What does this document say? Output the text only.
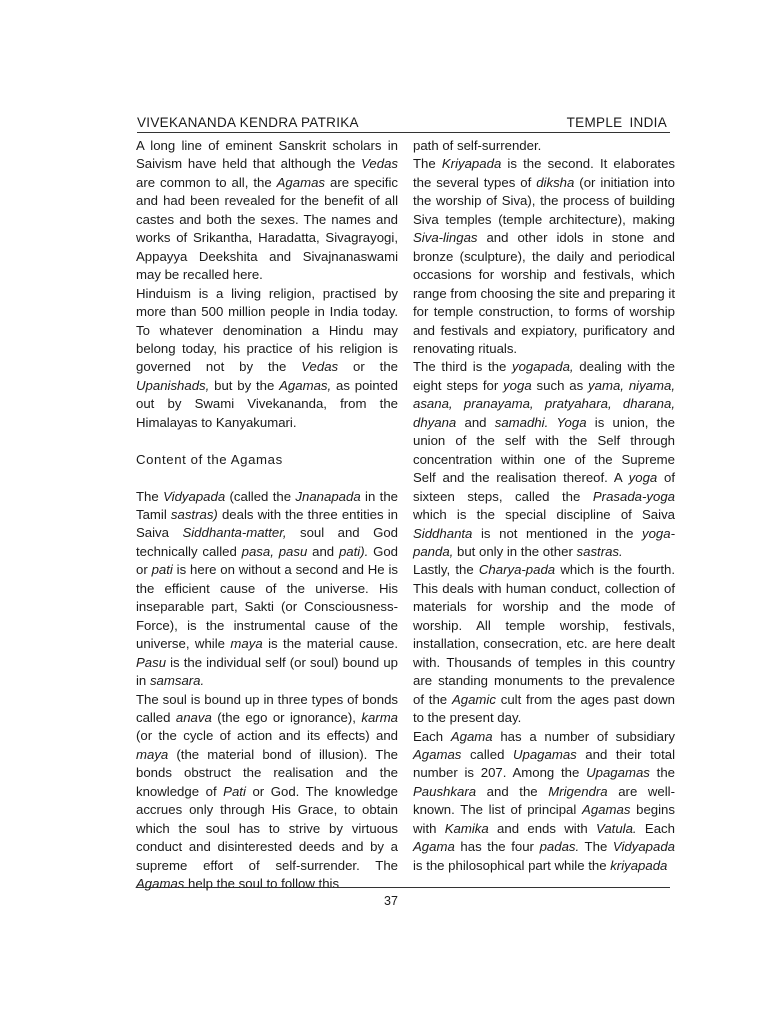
VIVEKANANDA KENDRA PATRIKA	TEMPLE INDIA

A long line of eminent Sanskrit scholars in Saivism have held that although the Vedas are common to all, the Agamas are specific and had been revealed for the benefit of all castes and both the sexes. The names and works of Srikantha, Haradatta, Sivagrayogi, Appayya Deekshita and Sivajnanaswami may be recalled here.

Hinduism is a living religion, practised by more than 500 million people in India today. To whatever denomination a Hindu may belong today, his practice of his religion is governed not by the Vedas or the Upanishads, but by the Agamas, as pointed out by Swami Vivekananda, from the Himalayas to Kanyakumari.

Content of the Agamas

The Vidyapada (called the Jnanapada in the Tamil sastras) deals with the three entities in Saiva Siddhanta-matter, soul and God technically called pasa, pasu and pati). God or pati is here on without a second and He is the efficient cause of the universe. His inseparable part, Sakti (or Consciousness-Force), is the instrumental cause of the universe, while maya is the material cause. Pasu is the individual self (or soul) bound up in samsara.

The soul is bound up in three types of bonds called anava (the ego or ignorance), karma (or the cycle of action and its effects) and maya (the material bond of illusion). The bonds obstruct the realisation and the knowledge of Pati or God. The knowledge accrues only through His Grace, to obtain which the soul has to strive by virtuous conduct and disinterested deeds and by a supreme effort of self-surrender. The Agamas help the soul to follow this

path of self-surrender.

The Kriyapada is the second. It elaborates the several types of diksha (or initiation into the worship of Siva), the process of building Siva temples (temple architecture), making Siva-lingas and other idols in stone and bronze (sculpture), the daily and periodical occasions for worship and festivals, which range from choosing the site and preparing it for temple construction, to forms of worship and festivals and expiatory, purificatory and renovating rituals.

The third is the yogapada, dealing with the eight steps for yoga such as yama, niyama, asana, pranayama, pratyahara, dharana, dhyana and samadhi. Yoga is union, the union of the self with the Self through concentration within one of the Supreme Self and the realisation thereof. A yoga of sixteen steps, called the Prasada-yoga which is the special discipline of Saiva Siddhanta is not mentioned in the yoga-panda, but only in the other sastras.

Lastly, the Charya-pada which is the fourth. This deals with human conduct, collection of materials for worship and the mode of worship. All temple worship, festivals, installation, consecration, etc. are here dealt with. Thousands of temples in this country are standing monuments to the prevalence of the Agamic cult from the ages past down to the present day.

Each Agama has a number of subsidiary Agamas called Upagamas and their total number is 207. Among the Upagamas the Paushkara and the Mrigendra are well-known. The list of principal Agamas begins with Kamika and ends with Vatula. Each Agama has the four padas. The Vidyapada is the philosophical part while the kriyapada

37
